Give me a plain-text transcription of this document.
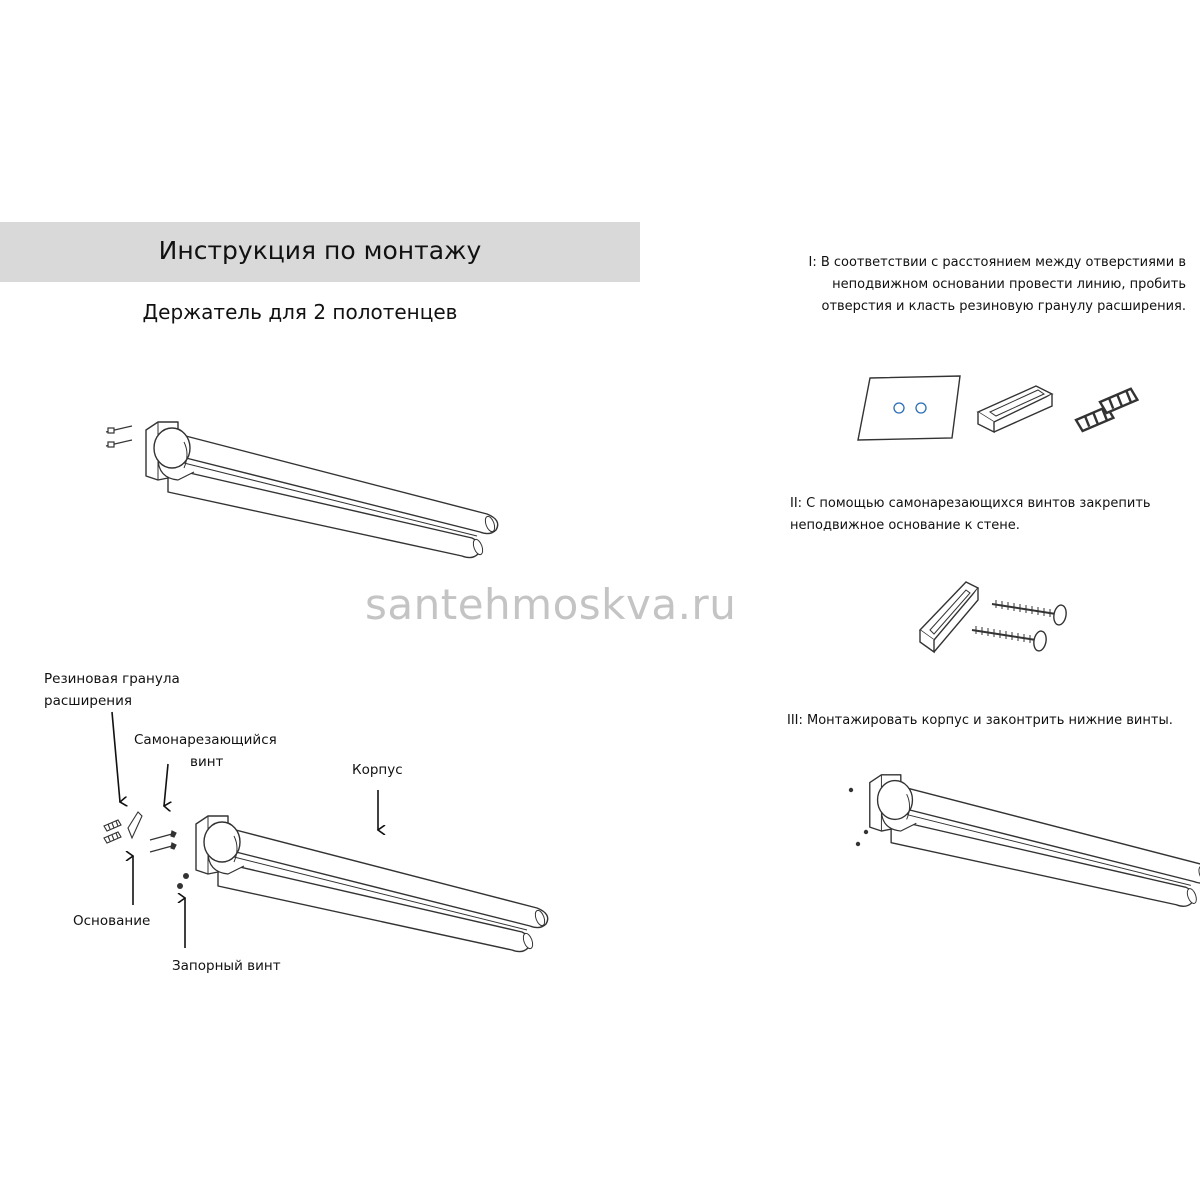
Инструкция по монтажу
Держатель для 2 полотенцев
santehmoskva.ru
Резиновая гранула
расширения
Самонарезающийся
винт	Корпус
Основание
Запорный винт
I: В соответствии с расстоянием между отверстиями в
неподвижном основании провести линию, пробить
отверстия и класть резиновую гранулу расширения.
II: С помощью самонарезающихся винтов закрепить
неподвижное основание к стене.
III: Монтажировать корпус и законтрить нижние винты.
